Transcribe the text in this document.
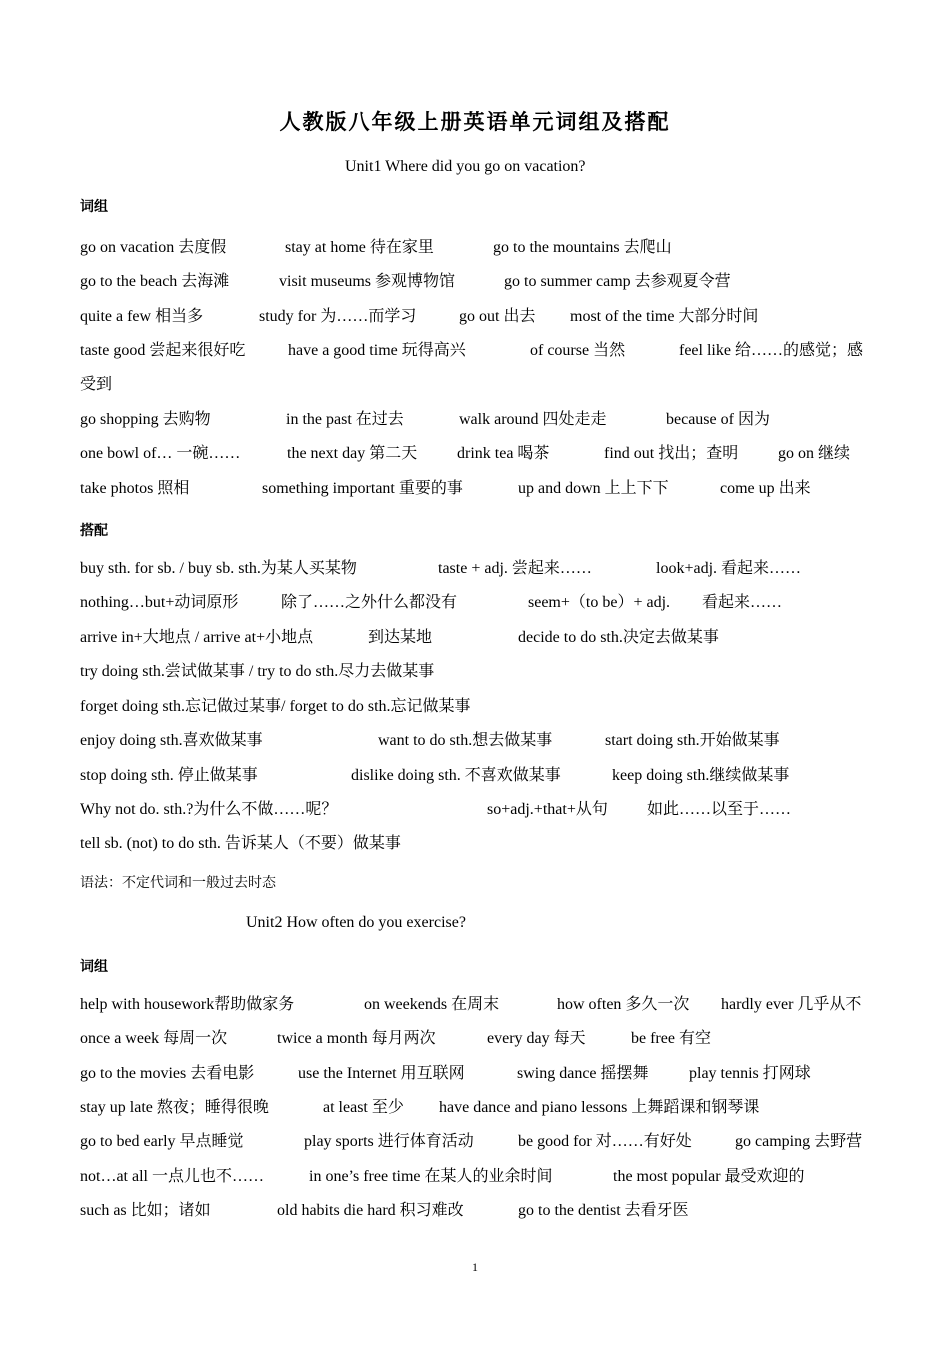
人教版八年级上册英语单元词组及搭配
Unit1 Where did you go on vacation?
词组
go on vacation 去度假	stay at home 待在家里	go to the mountains 去爬山
go to the beach 去海滩	visit museums 参观博物馆	go to summer camp 去参观夏令营
quite a few 相当多	study for 为……而学习	go out 出去 most of the time 大部分时间
taste good 尝起来很好吃	have a good time 玩得高兴	of course 当然	feel like 给……的感觉；感
受到
go shopping 去购物	in the past 在过去	walk around 四处走走	because of 因为
one bowl of… 一碗……	the next day 第二天 drink tea 喝茶	find out 找出；查明 go on 继续
take photos 照相	something important 重要的事	up and down 上上下下	come up 出来
搭配
buy sth. for sb. / buy sb. sth.为某人买某物	taste + adj. 尝起来……	look+adj. 看起来……
nothing…but+动词原形	除了……之外什么都没有	seem+（to be）+ adj. 看起来……
arrive in+大地点 / arrive at+小地点	到达某地	decide to do sth.决定去做某事
try doing sth.尝试做某事 / try to do sth.尽力去做某事
forget doing sth.忘记做过某事/ forget to do sth.忘记做某事
enjoy doing sth.喜欢做某事	want to do sth.想去做某事	start doing sth.开始做某事
stop doing sth. 停止做某事	dislike doing sth. 不喜欢做某事	keep doing sth.继续做某事
Why not do. sth.?为什么不做……呢？	so+adj.+that+从句 如此……以至于……
tell sb. (not) to do sth. 告诉某人（不要）做某事
语法：不定代词和一般过去时态
Unit2 How often do you exercise?
词组
help with housework帮助做家务	on weekends 在周末	how often 多久一次 hardly ever 几乎从不
once a week 每周一次	twice a month 每月两次	every day 每天	be free 有空
go to the movies 去看电影	use the Internet 用互联网	swing dance 摇摆舞	play tennis 打网球
stay up late 熬夜；睡得很晚	at least 至少 have dance and piano lessons 上舞蹈课和钢琴课
go to bed early 早点睡觉	play sports 进行体育活动	be good for 对……有好处	go camping 去野营
not…at all 一点儿也不……	in one’s free time 在某人的业余时间	the most popular 最受欢迎的
such as 比如；诸如	old habits die hard 积习难改	go to the dentist 去看牙医
1
